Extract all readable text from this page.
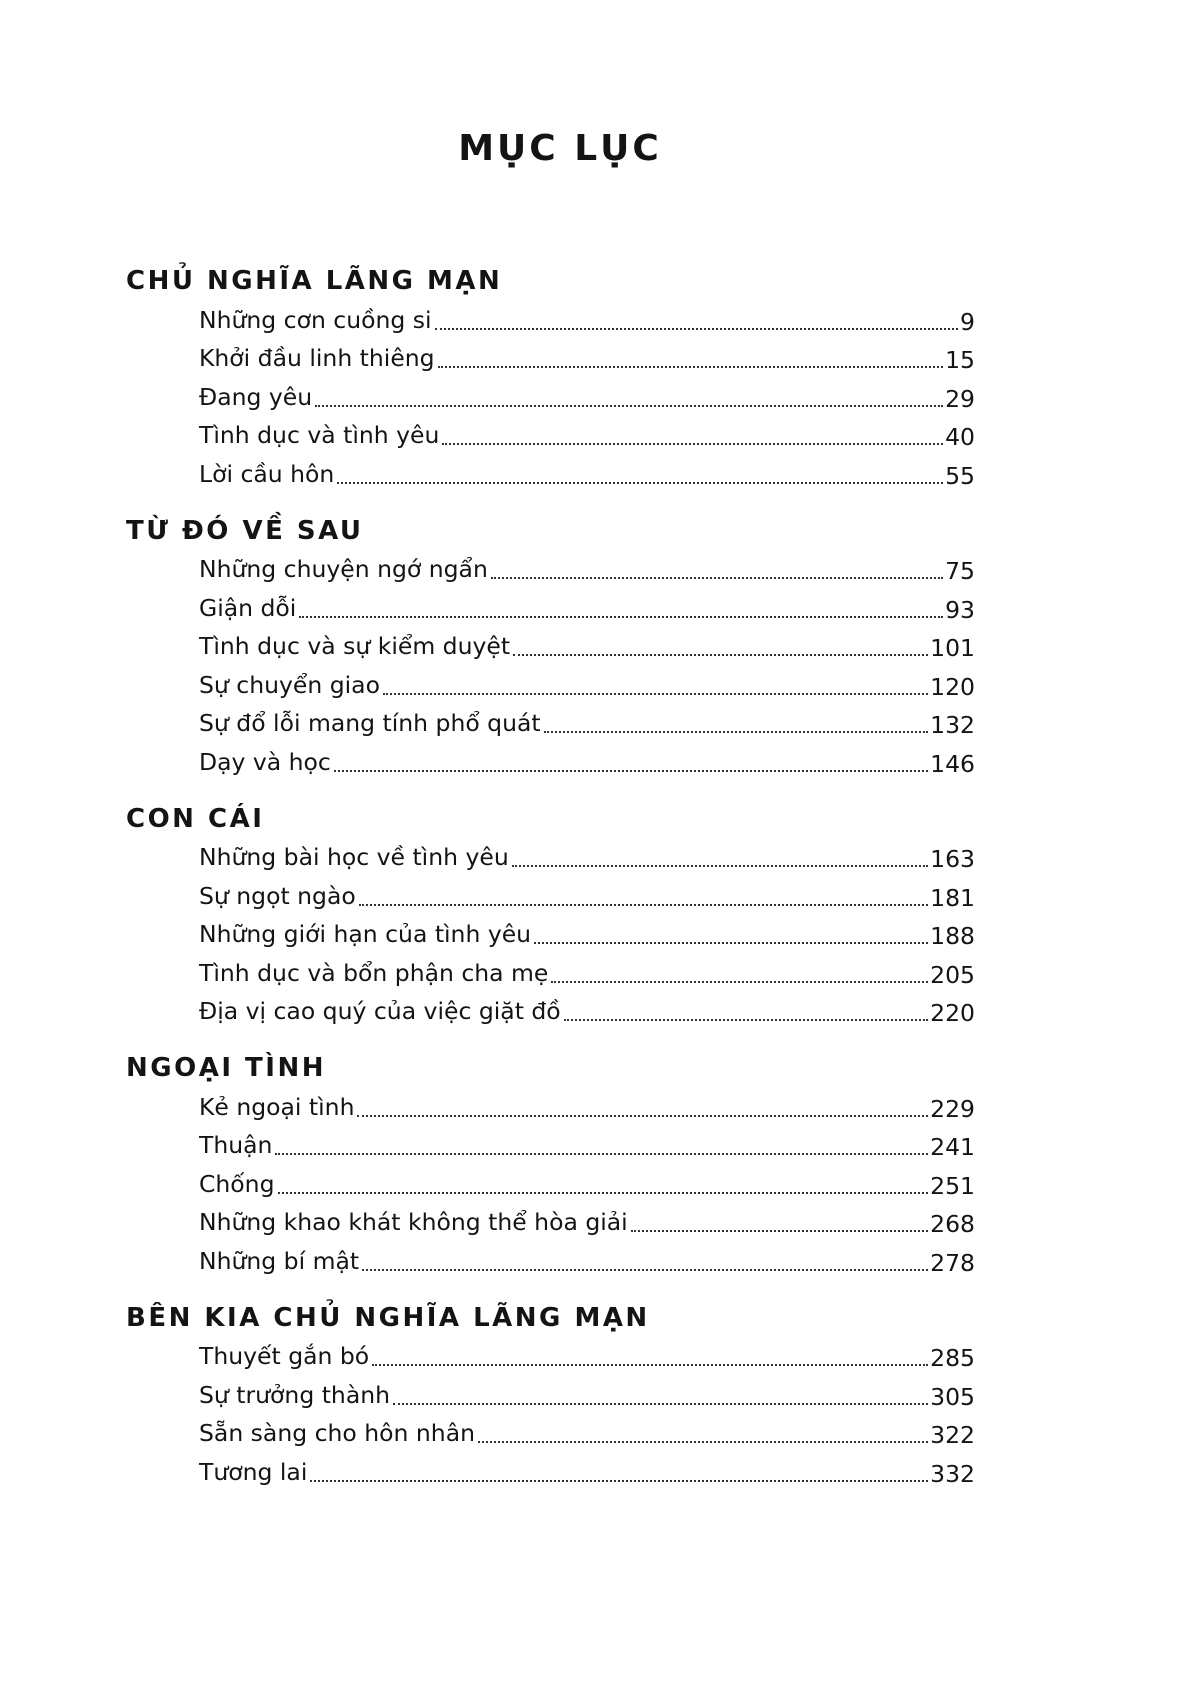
MỤC LỤC
CHỦ NGHĨA LÃNG MẠN
Những cơn cuồng si	9
Khởi đầu linh thiêng	15
Đang yêu	29
Tình dục và tình yêu	40
Lời cầu hôn	55
TỪ ĐÓ VỀ SAU
Những chuyện ngớ ngẩn	75
Giận dỗi	93
Tình dục và sự kiểm duyệt	101
Sự chuyển giao	120
Sự đổ lỗi mang tính phổ quát	132
Dạy và học	146
CON CÁI
Những bài học về tình yêu	163
Sự ngọt ngào	181
Những giới hạn của tình yêu	188
Tình dục và bổn phận cha mẹ	205
Địa vị cao quý của việc giặt đồ	220
NGOẠI TÌNH
Kẻ ngoại tình	229
Thuận	241
Chống	251
Những khao khát không thể hòa giải	268
Những bí mật	278
BÊN KIA CHỦ NGHĨA LÃNG MẠN
Thuyết gắn bó	285
Sự trưởng thành	305
Sẵn sàng cho hôn nhân	322
Tương lai	332
